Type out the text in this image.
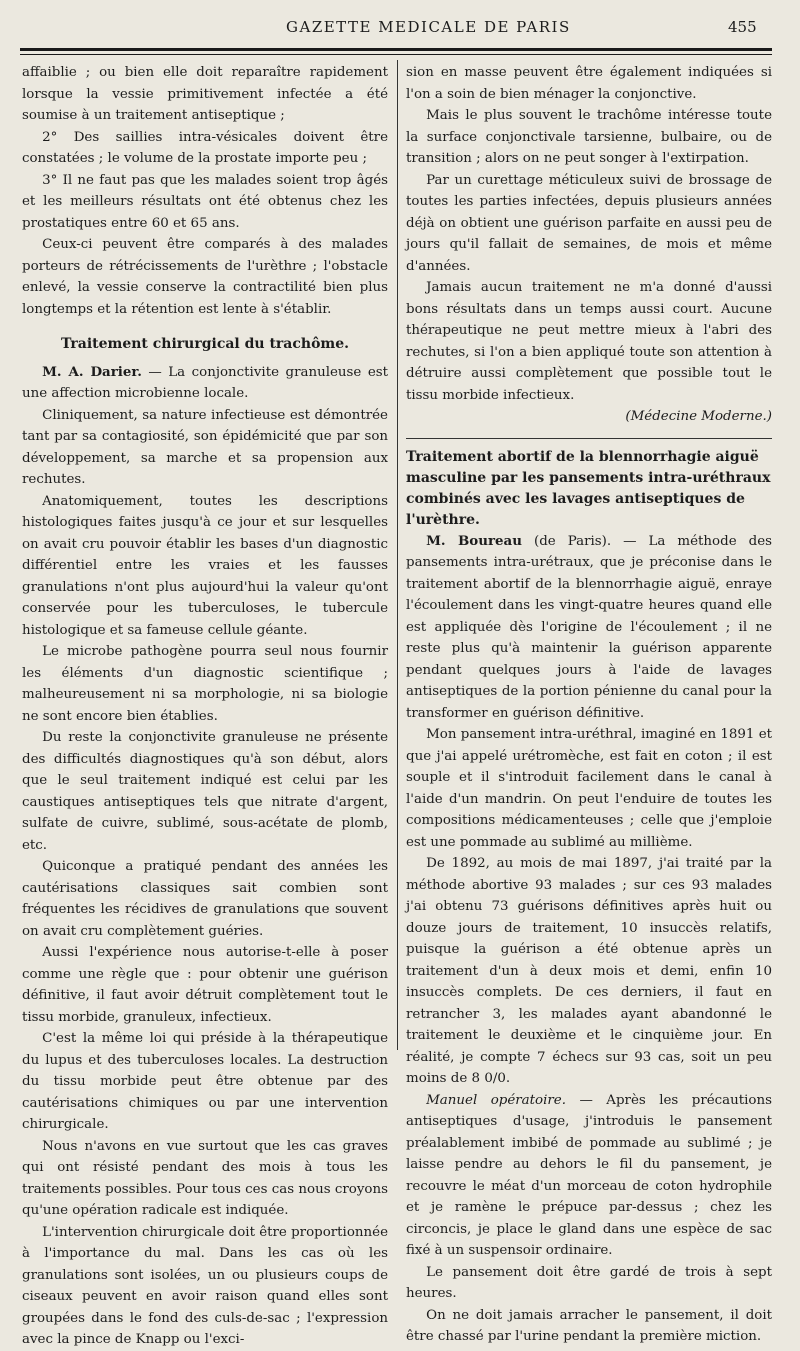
GAZETTE MEDICALE DE PARIS	455

affaiblie ; ou bien elle doit reparaître rapidement lorsque la vessie primitivement infectée a été soumise à un traitement antiseptique ;

2° Des saillies intra-vésicales doivent être constatées ; le volume de la prostate importe peu ;

3° Il ne faut pas que les malades soient trop âgés et les meilleurs résultats ont été obtenus chez les prostatiques entre 60 et 65 ans.

Ceux-ci peuvent être comparés à des malades porteurs de rétrécissements de l'urèthre ; l'obstacle enlevé, la vessie conserve la contractilité bien plus longtemps et la rétention est lente à s'établir.

Traitement chirurgical du trachôme.

M. A. Darier. — La conjonctivite granuleuse est une affection microbienne locale.

Cliniquement, sa nature infectieuse est démontrée tant par sa contagiosité, son épidémicité que par son développement, sa marche et sa propension aux rechutes.

Anatomiquement, toutes les descriptions histologiques faites jusqu'à ce jour et sur lesquelles on avait cru pouvoir établir les bases d'un diagnostic différentiel entre les vraies et les fausses granulations n'ont plus aujourd'hui la valeur qu'ont conservée pour les tuberculoses, le tubercule histologique et sa fameuse cellule géante.

Le microbe pathogène pourra seul nous fournir les éléments d'un diagnostic scientifique ; malheureusement ni sa morphologie, ni sa biologie ne sont encore bien établies.

Du reste la conjonctivite granuleuse ne présente des difficultés diagnostiques qu'à son début, alors que le seul traitement indiqué est celui par les caustiques antiseptiques tels que nitrate d'argent, sulfate de cuivre, sublimé, sous-acétate de plomb, etc.

Quiconque a pratiqué pendant des années les cautérisations classiques sait combien sont fréquentes les récidives de granulations que souvent on avait cru complètement guéries.

Aussi l'expérience nous autorise-t-elle à poser comme une règle que : pour obtenir une guérison définitive, il faut avoir détruit complètement tout le tissu morbide, granuleux, infectieux.

C'est la même loi qui préside à la thérapeutique du lupus et des tuberculoses locales. La destruction du tissu morbide peut être obtenue par des cautérisations chimiques ou par une intervention chirurgicale.

Nous n'avons en vue surtout que les cas graves qui ont résisté pendant des mois à tous les traitements possibles. Pour tous ces cas nous croyons qu'une opération radicale est indiquée.

L'intervention chirurgicale doit être proportionnée à l'importance du mal. Dans les cas où les granulations sont isolées, un ou plusieurs coups de ciseaux peuvent en avoir raison quand elles sont groupées dans le fond des culs-de-sac ; l'expression avec la pince de Knapp ou l'exci-

sion en masse peuvent être également indiquées si l'on a soin de bien ménager la conjonctive.

Mais le plus souvent le trachôme intéresse toute la surface conjonctivale tarsienne, bulbaire, ou de transition ; alors on ne peut songer à l'extirpation.

Par un curettage méticuleux suivi de brossage de toutes les parties infectées, depuis plusieurs années déjà on obtient une guérison parfaite en aussi peu de jours qu'il fallait de semaines, de mois et même d'années.

Jamais aucun traitement ne m'a donné d'aussi bons résultats dans un temps aussi court. Aucune thérapeutique ne peut mettre mieux à l'abri des rechutes, si l'on a bien appliqué toute son attention à détruire aussi complètement que possible tout le tissu morbide infectieux.

(Médecine Moderne.)

Traitement abortif de la blennorrhagie aiguë masculine par les pansements intra-uréthraux combinés avec les lavages antiseptiques de l'urèthre.

M. Boureau (de Paris). — La méthode des pansements intra-urétraux, que je préconise dans le traitement abortif de la blennorrhagie aiguë, enraye l'écoulement dans les vingt-quatre heures quand elle est appliquée dès l'origine de l'écoulement ; il ne reste plus qu'à maintenir la guérison apparente pendant quelques jours à l'aide de lavages antiseptiques de la portion pénienne du canal pour la transformer en guérison définitive.

Mon pansement intra-uréthral, imaginé en 1891 et que j'ai appelé urétromèche, est fait en coton ; il est souple et il s'introduit facilement dans le canal à l'aide d'un mandrin. On peut l'enduire de toutes les compositions médicamenteuses ; celle que j'emploie est une pommade au sublimé au millième.

De 1892, au mois de mai 1897, j'ai traité par la méthode abortive 93 malades ; sur ces 93 malades j'ai obtenu 73 guérisons définitives après huit ou douze jours de traitement, 10 insuccès relatifs, puisque la guérison a été obtenue après un traitement d'un à deux mois et demi, enfin 10 insuccès complets. De ces derniers, il faut en retrancher 3, les malades ayant abandonné le traitement le deuxième et le cinquième jour. En réalité, je compte 7 échecs sur 93 cas, soit un peu moins de 8 0/0.

Manuel opératoire. — Après les précautions antiseptiques d'usage, j'introduis le pansement préalablement imbibé de pommade au sublimé ; je laisse pendre au dehors le fil du pansement, je recouvre le méat d'un morceau de coton hydrophile et je ramène le prépuce par-dessus ; chez les circoncis, je place le gland dans une espèce de sac fixé à un suspensoir ordinaire.

Le pansement doit être gardé de trois à sept heures.

On ne doit jamais arracher le pansement, il doit être chassé par l'urine pendant la première miction.
